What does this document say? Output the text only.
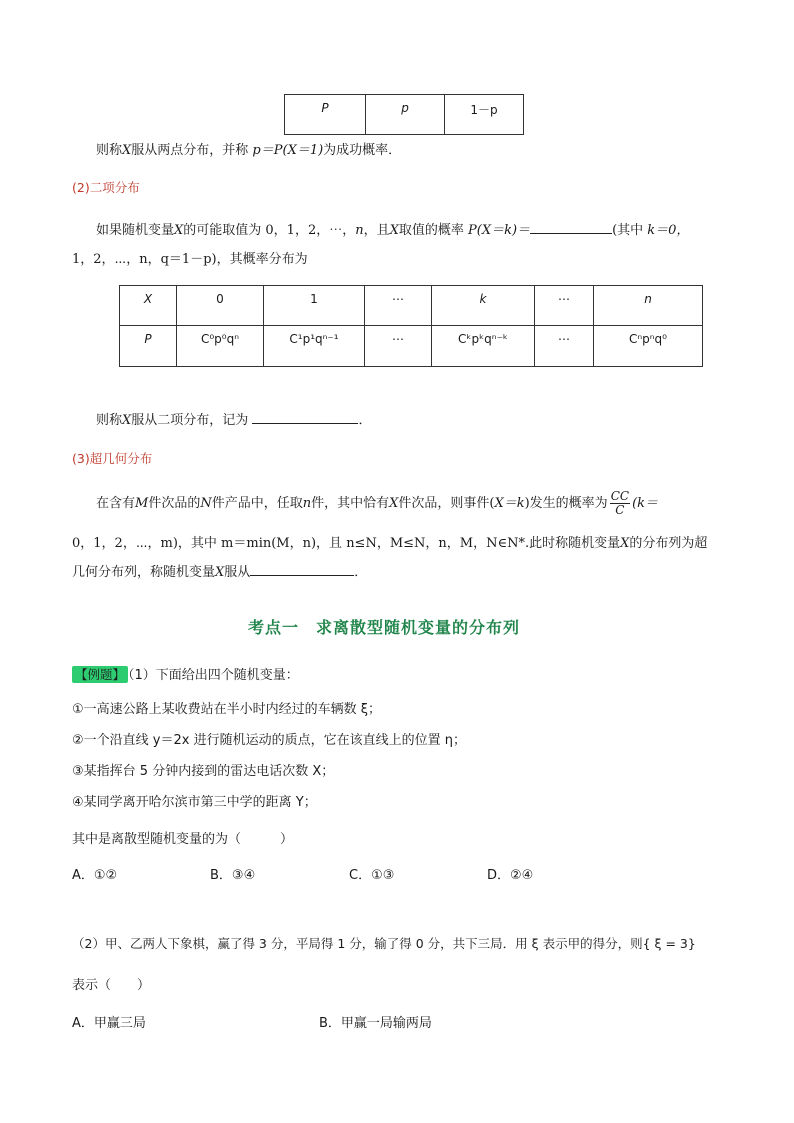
P	p	1－p
则称X服从两点分布，并称 p＝P(X＝1)为成功概率．
(2)二项分布
如果随机变量X的可能取值为 0，1，2，⋯，n，且X取值的概率 P(X＝k)＝	(其中 k＝0，
1，2，⋯，n，q＝1－p)，其概率分布为
X	0	1	⋯	k	⋯	n
P	C⁰p⁰qⁿ	C¹p¹qⁿ⁻¹	⋯	Cᵏpᵏqⁿ⁻ᵏ	⋯	Cⁿpⁿq⁰
则称X服从二项分布，记为	．
(3)超几何分布
在含有M件次品的N件产品中，任取n件，其中恰有X件次品，则事件(X＝k)发生的概率为 $\frac{CC}{C} (k=$
0，1，2，⋯，m)，其中 m＝min(M，n)，且 n≤N，M≤N，n，M，N∈N*.此时称随机变量X的分布列为超
几何分布列，称随机变量X服从	．
考点一　求离散型随机变量的分布列
【例题】 （1）下面给出四个随机变量：
①一高速公路上某收费站在半小时内经过的车辆数 ξ；
②一个沿直线 y＝2x 进行随机运动的质点，它在该直线上的位置 η；
③某指挥台 5 分钟内接到的雷达电话次数 X；
④某同学离开哈尔滨市第三中学的距离 Y；
其中是离散型随机变量的为（　　　）
A．①②	B．③④	C．①③	D．②④
（2）甲、乙两人下象棋，赢了得 3 分，平局得 1 分，输了得 0 分，共下三局．用 ξ 表示甲的得分，则{ ξ = 3}
表示（　　）
A．甲赢三局	B．甲赢一局输两局
